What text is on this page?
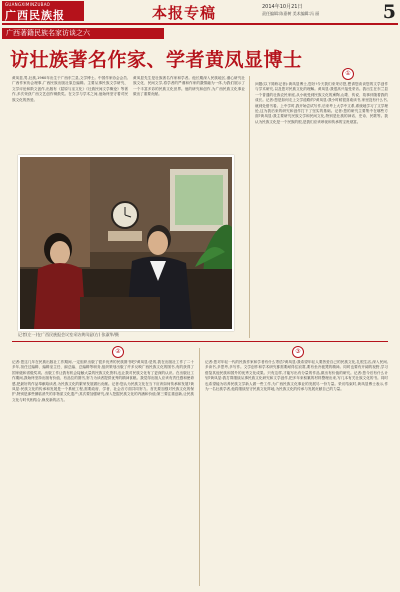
GUANGXIMINZUBAO
广西民族报	本报专稿	2014年10月21日
责任编辑:陈嘉树 美术编辑:冯 丽	5
广西著籍民族名家访谈之六
访壮族著名作家、学者黄凤显博士
黄凤显,男,壮族,1960年出生于广西东兰县,文学博士。中国作家协会会员,广西作家协会理事,广西民族出版社原总编辑。主要从事民族文学研究、文学评论和散文创作,出版有《屈原与巫文化》《壮族民间文学概论》等著作,多次荣获广西文艺创作铜鼓奖。在文学与学术之间,他始终坚守着对民族文化的热爱。
黄凤显先生是壮族著名作家和学者。他长期深入民族地区,潜心研究壮族文化、民间文学,将学者的严谨和作家的激情融为一体,为我们展示了一个丰富多彩的民族文化世界。他的研究和创作,为广西民族文化事业做出了重要贡献。
①
问题(以下简称记者):黄凤显博士,您好!今天我们来采访您,想请您谈谈您的文学创作与学术研究,以及您对民族文化的理解。黄凤显:我很高兴接受采访。我出生在东兰县一个普通的壮族农民家庭,从小就受到民族文化的熏陶,山歌、传说、故事伴随着我的成长。记者:您是如何走上文学道路的?黄凤显:我小时候很喜欢读书,家里没有什么书,就到处借书看。上中学时,我开始尝试写作,后来考上大学中文系,系统地学习了文学理论,这为我后来的研究和创作打下了坚实的基础。记者:您的研究主要集中在哪些方面?黄凤显:我主要研究民族文学和民间文化,特别是壮族的神话、史诗、民歌等。我认为民族文化是一个民族的根,是我们应该珍视和传承的宝贵财富。
记者(左一)在广西民族报会议室采访黄凤显(右) 张淑华/摄
②
记者:您这几年在民族出版社工作期间,一定组织出版了很多优秀的民族图书吧?黄凤显:是的,我在出版社工作了二十多年,担任过编辑、编辑室主任、副总编、总编辑等职务,组织策划出版了许多反映广西民族文化的图书,有的获得了国家级和省级奖项。出版工作让我有机会接触大量的民族文化资料,也让我对民族文化有了更深的认识。在出版社工作期间,我始终坚持出版有价值、有品位的图书,努力为读者提供优秀的精神食粮。我觉得出版人应该有责任感和使命感,把最好的作品奉献给读者,为民族文化的繁荣发展做出贡献。记者:您认为民族文化在当下应该如何传承和发展?黄凤显:民族文化的传承和发展是一个系统工程,需要政府、学者、社会各方面共同努力。首先要加强对民族文化的保护,特别是那些濒临消失的非物质文化遗产;其次要加强研究,深入挖掘民族文化的内涵和价值;第三要注重创新,让民族文化与时代相结合,焕发新的活力。
③
记者:您对年轻一代的民族作家和学者有什么寄语?黄凤显:我希望年轻人要热爱自己的民族文化,扎根生活,深入民间,多读书,多思考,多写作。文学创作和学术研究都需要耐得住寂寞,要有坐冷板凳的精神。同时也要有开阔的视野,学习借鉴其他民族和国外的优秀文化成果。只有这样,才能写出有分量的作品,做出有价值的研究。记者:您今后有什么计划?黄凤显:我打算继续从事民族文化研究和文学创作,把多年来积累的材料整理出来,写几本有关壮族文化的书。同时也希望能为培养民族文学新人做一些工作,为广西民族文化事业的发展尽一份力量。采访结束时,黄凤显博士表示,作为一名壮族学者,他将继续坚守民族文化阵地,为民族文化的传承与发展贡献自己的力量。
